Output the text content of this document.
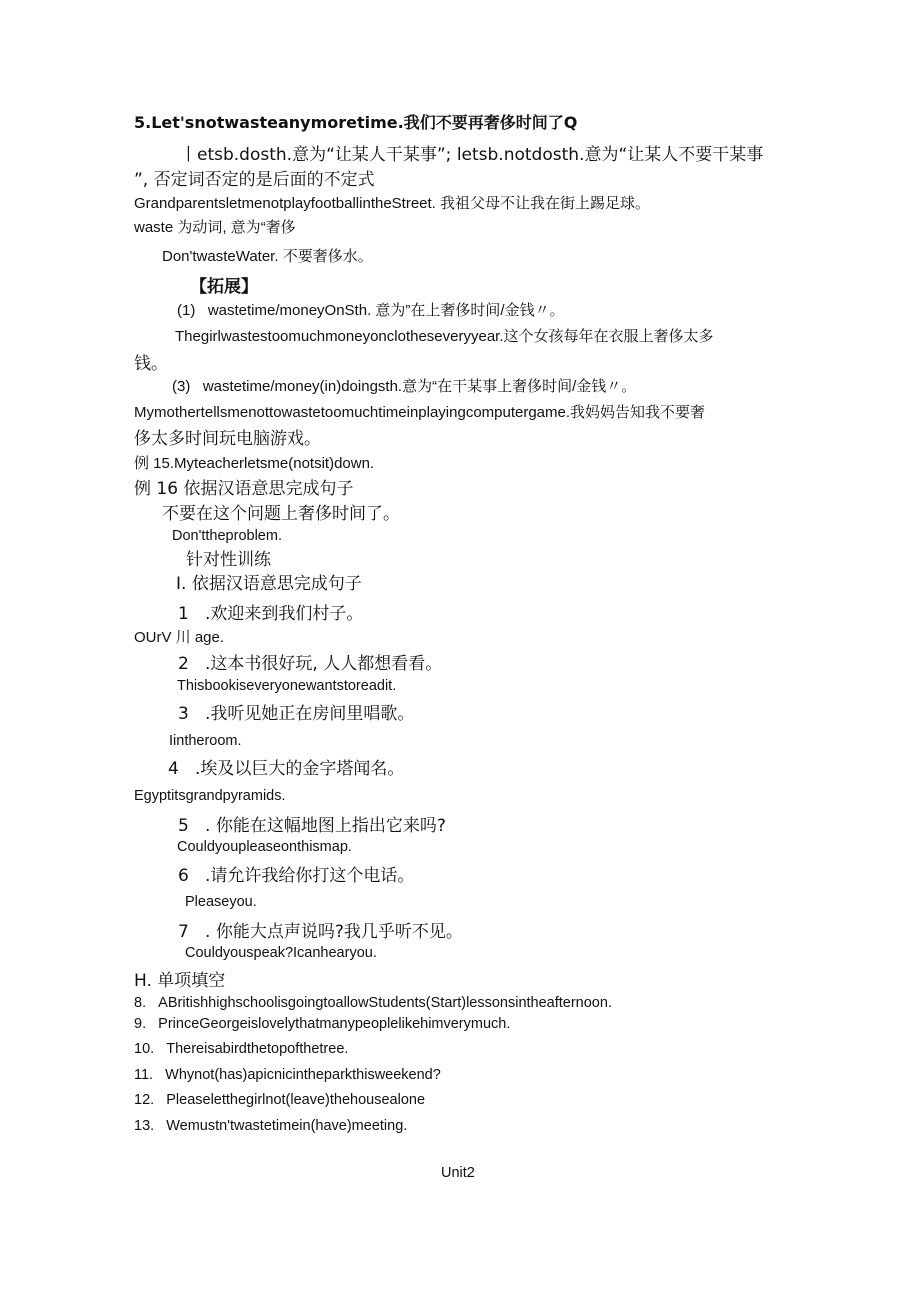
5.Let'snotwasteanymoretime.我们不要再奢侈时间了Q
丨etsb.dosth.意为“让某人干某事”; letsb.notdosth.意为“让某人不要干某事
”, 否定词否定的是后面的不定式
GrandparentsletmenotplayfootballintheStreet. 我祖父母不让我在街上踢足球。
waste 为动词, 意为“奢侈
Don'twasteWater. 不要奢侈水。
【拓展】
(1)   wastetime/moneyOnSth. 意为”在上奢侈时间/金钱〃。
Thegirlwastestoomuchmoneyonclotheseveryyear.这个女孩每年在衣服上奢侈太多
钱。
(3)   wastetime/money(in)doingsth.意为“在干某事上奢侈时间/金钱〃。
Mymothertellsmenottowastetoomuchtimeinplayingcomputergame.我妈妈告知我不要奢
侈太多时间玩电脑游戏。
例 15.Myteacherletsme(notsit)down.
例 16 依据汉语意思完成句子
不要在这个问题上奢侈时间了。
Don'ttheproblem.
针对性训练
I. 依据汉语意思完成句子
1   .欢迎来到我们村子。
OUrV 川 age.
2   .这本书很好玩, 人人都想看看。
Thisbookiseveryonewantstoreadit.
3   .我听见她正在房间里唱歌。
Iintheroom.
4   .埃及以巨大的金字塔闻名。
Egyptitsgrandpyramids.
5   . 你能在这幅地图上指出它来吗?
Couldyoupleaseonthismap.
6   .请允许我给你打这个电话。
Pleaseyou.
7   . 你能大点声说吗?我几乎听不见。
Couldyouspeak?Icanhearyou.
H. 单项填空
8.   ABritishhighschoolisgoingtoallowStudents(Start)lessonsintheafternoon.
9.   PrinceGeorgeislovelythatmanypeoplelikehimverymuch.
10.   Thereisabirdthetopofthetree.
11.   Whynot(has)apicnicintheparkthisweekend?
12.   Pleaseletthegirlnot(leave)thehousealone
13.   Wemustn'twastetimein(have)meeting.
Unit2
